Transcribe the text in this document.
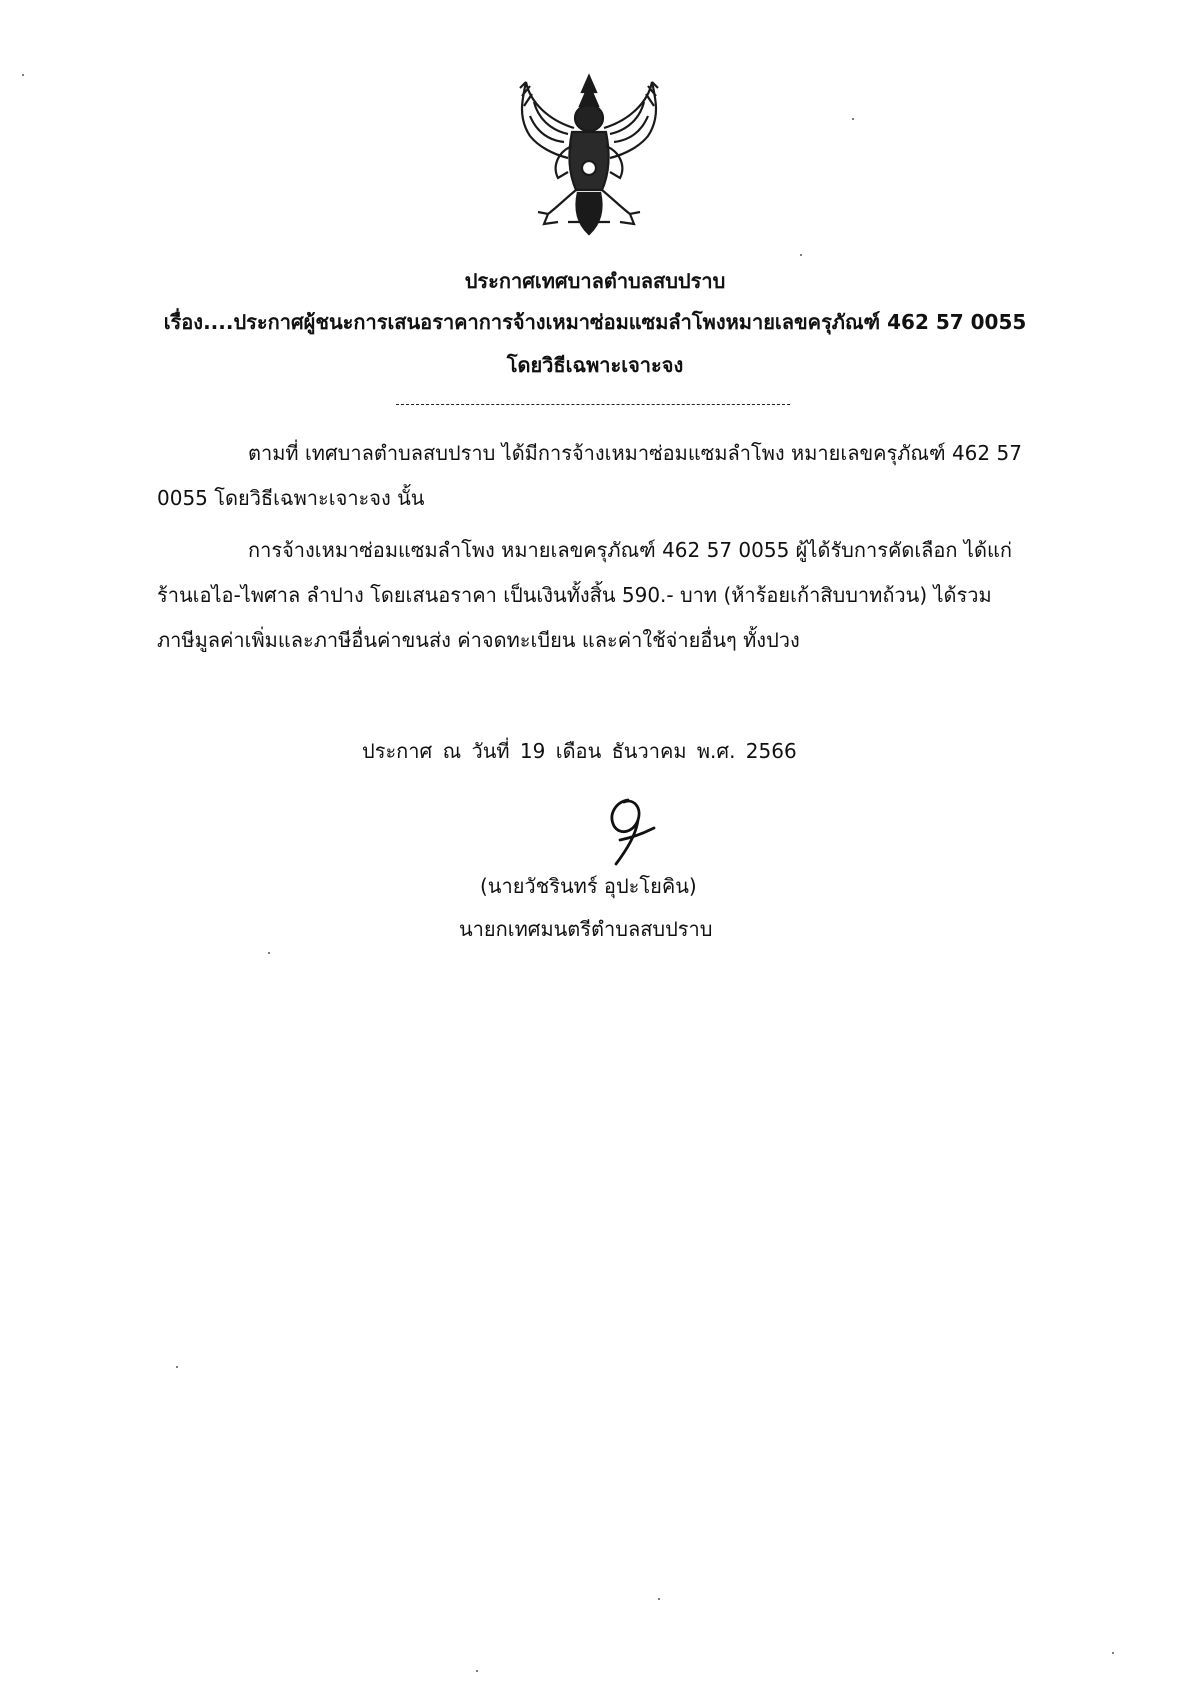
ประกาศเทศบาลตำบลสบปราบ
เรื่อง....ประกาศผู้ชนะการเสนอราคาการจ้างเหมาซ่อมแซมลำโพงหมายเลขครุภัณฑ์ 462 57 0055
โดยวิธีเฉพาะเจาะจง
ตามที่ เทศบาลตำบลสบปราบ ได้มีการจ้างเหมาซ่อมแซมลำโพง หมายเลขครุภัณฑ์ 462 57
0055 โดยวิธีเฉพาะเจาะจง นั้น
การจ้างเหมาซ่อมแซมลำโพง หมายเลขครุภัณฑ์ 462 57 0055 ผู้ได้รับการคัดเลือก ได้แก่
ร้านเอไอ-ไพศาล ลำปาง โดยเสนอราคา เป็นเงินทั้งสิ้น 590.- บาท (ห้าร้อยเก้าสิบบาทถ้วน) ได้รวม
ภาษีมูลค่าเพิ่มและภาษีอื่นค่าขนส่ง ค่าจดทะเบียน และค่าใช้จ่ายอื่นๆ ทั้งปวง
ประกาศ ณ วันที่ 19 เดือน ธันวาคม พ.ศ. 2566
(นายวัชรินทร์ อุปะโยคิน)
นายกเทศมนตรีตำบลสบปราบ
